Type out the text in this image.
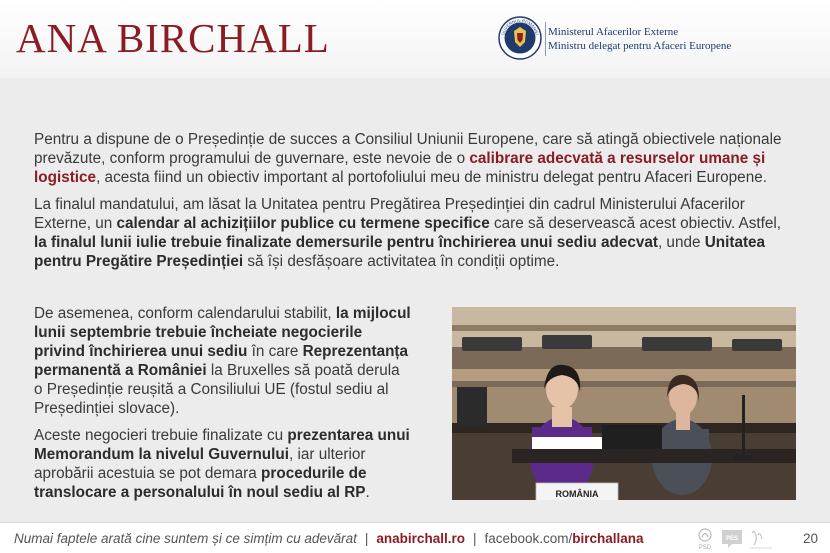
ANA BIRCHALL	GUVERNUL ROMÂNIEI Ministerul Afacerilor Externe
Ministru delegat pentru Afaceri Europene

Pentru a dispune de o Președinție de succes a Consiliul Uniunii Europene, care să atingă obiectivele naționale prevăzute, conform programului de guvernare, este nevoie de o calibrare adecvată a resurselor umane și logistice, acesta fiind un obiectiv important al portofoliului meu de ministru delegat pentru Afaceri Europene.

La finalul mandatului, am lăsat la Unitatea pentru Pregătirea Președinției din cadrul Ministerului Afacerilor Externe, un calendar al achizițiilor publice cu termene specifice care să deservească acest obiectiv. Astfel, la finalul lunii iulie trebuie finalizate demersurile pentru închirierea unui sediu adecvat, unde Unitatea pentru Pregătire Președinției să își desfășoare activitatea în condiții optime.

De asemenea, conform calendarului stabilit, la mijlocul lunii septembrie trebuie încheiate negocierile privind închirierea unui sediu în care Reprezentanța permanentă a României la Bruxelles să poată derula o Președinție reușită a Consiliului UE (fostul sediu al Președinției slovace).

Aceste negocieri trebuie finalizate cu prezentarea unui Memorandum la nivelul Guvernului, iar ulterior aprobării acestuia se pot demara procedurile de translocare a personalului în noul sediu al RP.	ROMÂNIA
Numai faptele arată cine suntem și ce simțim cu adevărat | anabirchall.ro | facebook.com/birchallana
PSD
PES	20
